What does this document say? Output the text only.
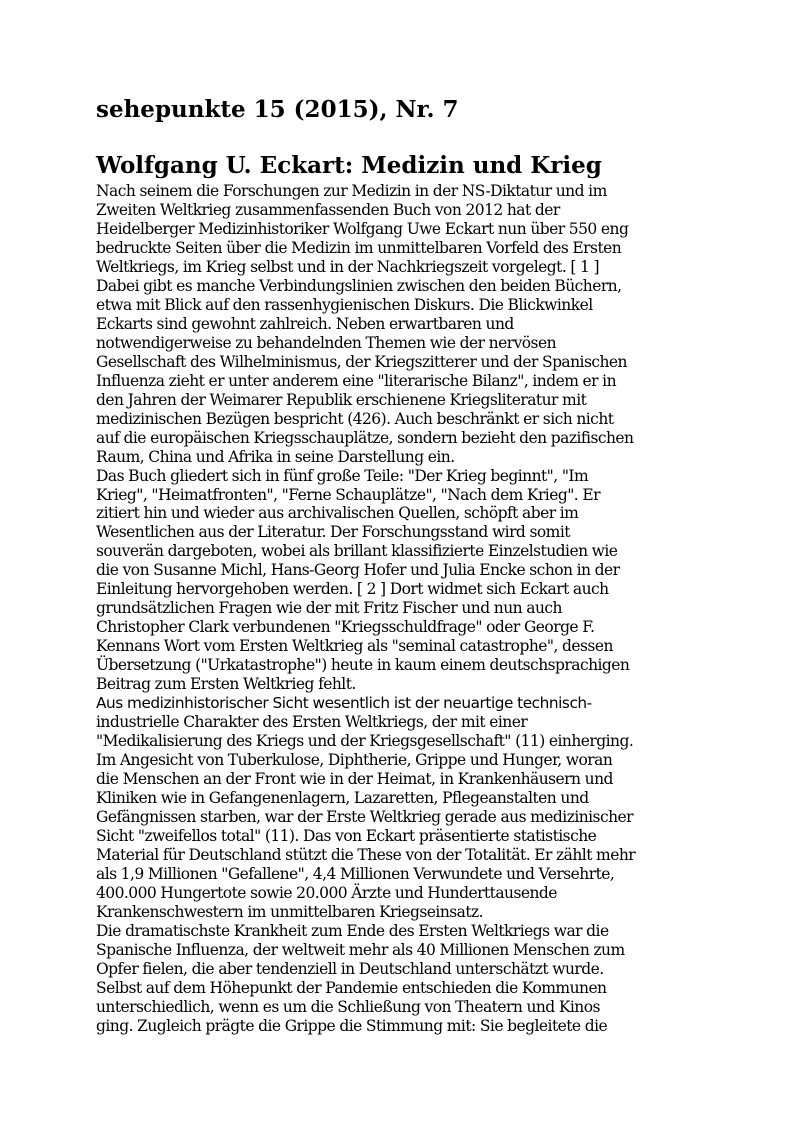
sehepunkte 15 (2015), Nr. 7
Wolfgang U. Eckart: Medizin und Krieg
Nach seinem die Forschungen zur Medizin in der NS-Diktatur und im
Zweiten Weltkrieg zusammenfassenden Buch von 2012 hat der
Heidelberger Medizinhistoriker Wolfgang Uwe Eckart nun über 550 eng
bedruckte Seiten über die Medizin im unmittelbaren Vorfeld des Ersten
Weltkriegs, im Krieg selbst und in der Nachkriegszeit vorgelegt. [ 1 ]
Dabei gibt es manche Verbindungslinien zwischen den beiden Büchern,
etwa mit Blick auf den rassenhygienischen Diskurs. Die Blickwinkel
Eckarts sind gewohnt zahlreich. Neben erwartbaren und
notwendigerweise zu behandelnden Themen wie der nervösen
Gesellschaft des Wilhelminismus, der Kriegszitterer und der Spanischen
Influenza zieht er unter anderem eine "literarische Bilanz", indem er in
den Jahren der Weimarer Republik erschienene Kriegsliteratur mit
medizinischen Bezügen bespricht (426). Auch beschränkt er sich nicht
auf die europäischen Kriegsschauplätze, sondern bezieht den pazifischen
Raum, China und Afrika in seine Darstellung ein.
Das Buch gliedert sich in fünf große Teile: "Der Krieg beginnt", "Im
Krieg", "Heimatfronten", "Ferne Schauplätze", "Nach dem Krieg". Er
zitiert hin und wieder aus archivalischen Quellen, schöpft aber im
Wesentlichen aus der Literatur. Der Forschungsstand wird somit
souverän dargeboten, wobei als brillant klassifizierte Einzelstudien wie
die von Susanne Michl, Hans-Georg Hofer und Julia Encke schon in der
Einleitung hervorgehoben werden. [ 2 ] Dort widmet sich Eckart auch
grundsätzlichen Fragen wie der mit Fritz Fischer und nun auch
Christopher Clark verbundenen "Kriegsschuldfrage" oder George F.
Kennans Wort vom Ersten Weltkrieg als "seminal catastrophe", dessen
Übersetzung ("Urkatastrophe") heute in kaum einem deutschsprachigen
Beitrag zum Ersten Weltkrieg fehlt.
Aus medizinhistorischer Sicht wesentlich ist der neuartige technisch-
industrielle Charakter des Ersten Weltkriegs, der mit einer
"Medikalisierung des Kriegs und der Kriegsgesellschaft" (11) einherging.
Im Angesicht von Tuberkulose, Diphtherie, Grippe und Hunger, woran
die Menschen an der Front wie in der Heimat, in Krankenhäusern und
Kliniken wie in Gefangenenlagern, Lazaretten, Pflegeanstalten und
Gefängnissen starben, war der Erste Weltkrieg gerade aus medizinischer
Sicht "zweifellos total" (11). Das von Eckart präsentierte statistische
Material für Deutschland stützt die These von der Totalität. Er zählt mehr
als 1,9 Millionen "Gefallene", 4,4 Millionen Verwundete und Versehrte,
400.000 Hungertote sowie 20.000 Ärzte und Hunderttausende
Krankenschwestern im unmittelbaren Kriegseinsatz.
Die dramatischste Krankheit zum Ende des Ersten Weltkriegs war die
Spanische Influenza, der weltweit mehr als 40 Millionen Menschen zum
Opfer fielen, die aber tendenziell in Deutschland unterschätzt wurde.
Selbst auf dem Höhepunkt der Pandemie entschieden die Kommunen
unterschiedlich, wenn es um die Schließung von Theatern und Kinos
ging. Zugleich prägte die Grippe die Stimmung mit: Sie begleitete die
